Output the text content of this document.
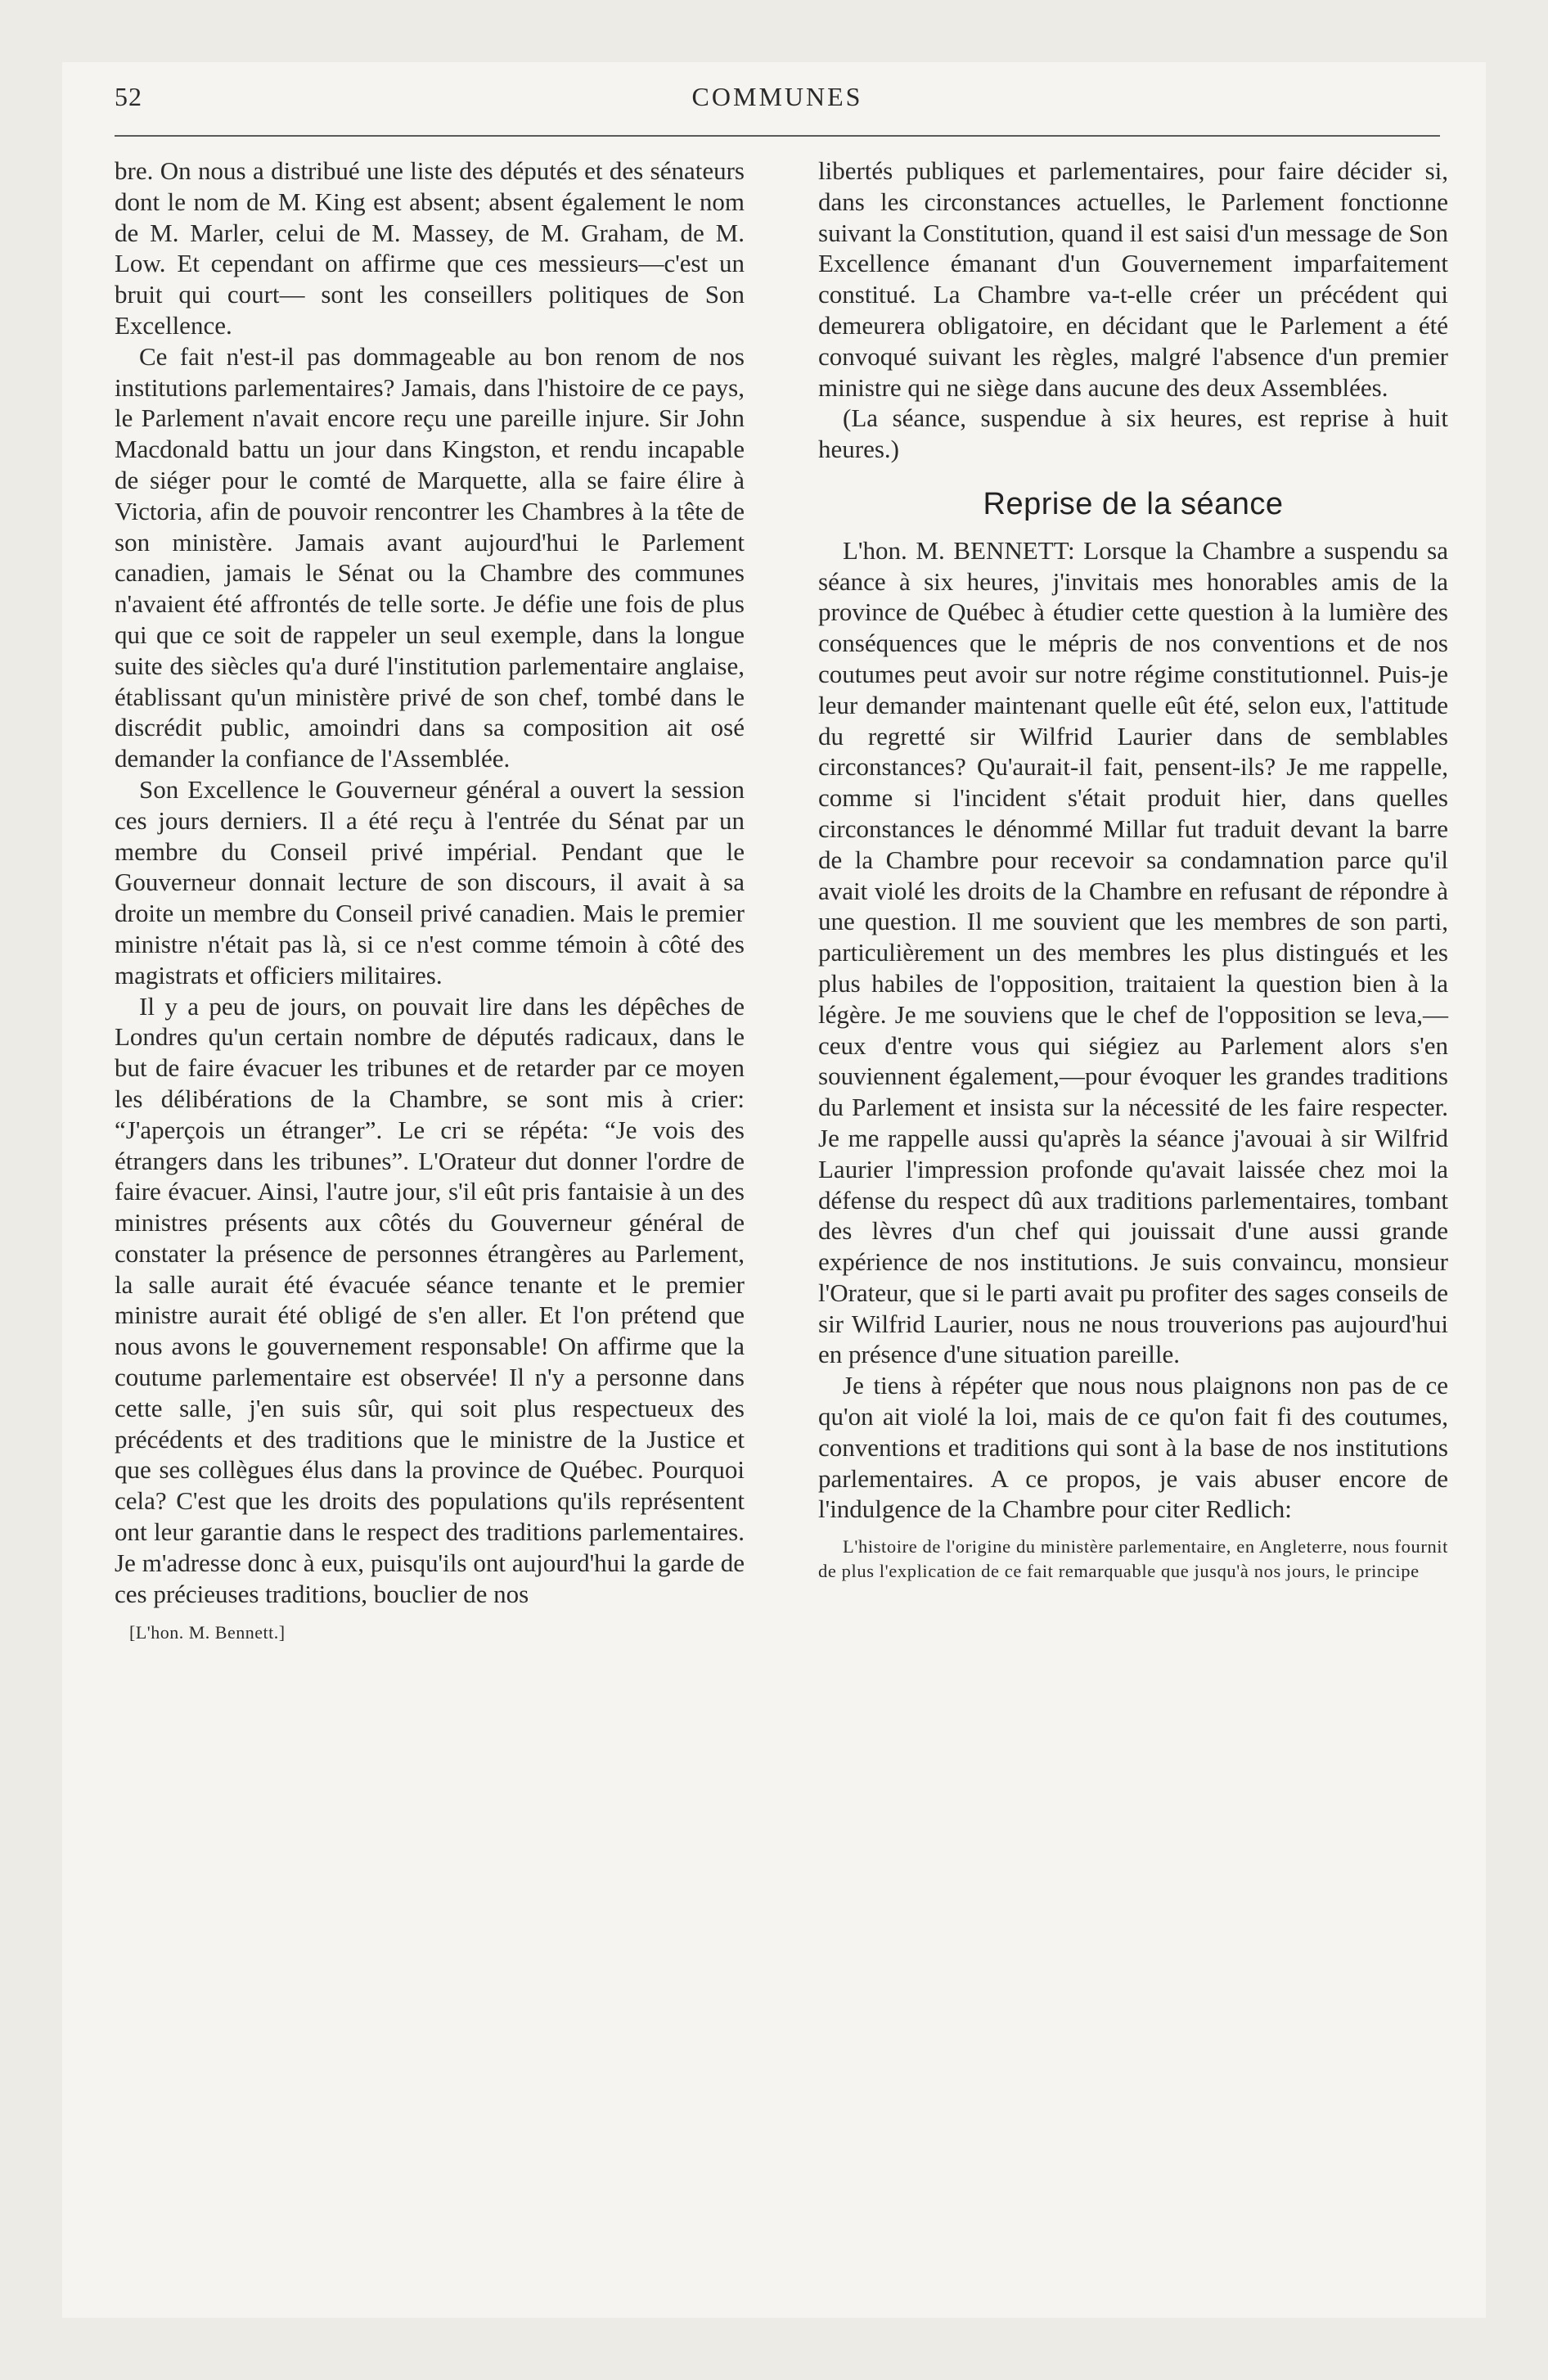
52	COMMUNES

bre. On nous a distribué une liste des députés et des sénateurs dont le nom de M. King est absent; absent également le nom de M. Marler, celui de M. Massey, de M. Graham, de M. Low. Et cependant on affirme que ces messieurs—c'est un bruit qui court— sont les conseillers politiques de Son Excellence.

Ce fait n'est-il pas dommageable au bon renom de nos institutions parlementaires? Jamais, dans l'histoire de ce pays, le Parlement n'avait encore reçu une pareille injure. Sir John Macdonald battu un jour dans Kingston, et rendu incapable de siéger pour le comté de Marquette, alla se faire élire à Victoria, afin de pouvoir rencontrer les Chambres à la tête de son ministère. Jamais avant aujourd'hui le Parlement canadien, jamais le Sénat ou la Chambre des communes n'avaient été affrontés de telle sorte. Je défie une fois de plus qui que ce soit de rappeler un seul exemple, dans la longue suite des siècles qu'a duré l'institution parlementaire anglaise, établissant qu'un ministère privé de son chef, tombé dans le discrédit public, amoindri dans sa composition ait osé demander la confiance de l'Assemblée.

Son Excellence le Gouverneur général a ouvert la session ces jours derniers. Il a été reçu à l'entrée du Sénat par un membre du Conseil privé impérial. Pendant que le Gouverneur donnait lecture de son discours, il avait à sa droite un membre du Conseil privé canadien. Mais le premier ministre n'était pas là, si ce n'est comme témoin à côté des magistrats et officiers militaires.

Il y a peu de jours, on pouvait lire dans les dépêches de Londres qu'un certain nombre de députés radicaux, dans le but de faire évacuer les tribunes et de retarder par ce moyen les délibérations de la Chambre, se sont mis à crier: “J'aperçois un étranger”. Le cri se répéta: “Je vois des étrangers dans les tribunes”. L'Orateur dut donner l'ordre de faire évacuer. Ainsi, l'autre jour, s'il eût pris fantaisie à un des ministres présents aux côtés du Gouverneur général de constater la présence de personnes étrangères au Parlement, la salle aurait été évacuée séance tenante et le premier ministre aurait été obligé de s'en aller. Et l'on prétend que nous avons le gouvernement responsable! On affirme que la coutume parlementaire est observée! Il n'y a personne dans cette salle, j'en suis sûr, qui soit plus respectueux des précédents et des traditions que le ministre de la Justice et que ses collègues élus dans la province de Québec. Pourquoi cela? C'est que les droits des populations qu'ils représentent ont leur garantie dans le respect des traditions parlementaires. Je m'adresse donc à eux, puisqu'ils ont aujourd'hui la garde de ces précieuses traditions, bouclier de nos

[L'hon. M. Bennett.]

libertés publiques et parlementaires, pour faire décider si, dans les circonstances actuelles, le Parlement fonctionne suivant la Constitution, quand il est saisi d'un message de Son Excellence émanant d'un Gouvernement imparfaitement constitué. La Chambre va-t-elle créer un précédent qui demeurera obligatoire, en décidant que le Parlement a été convoqué suivant les règles, malgré l'absence d'un premier ministre qui ne siège dans aucune des deux Assemblées.

(La séance, suspendue à six heures, est reprise à huit heures.)

Reprise de la séance

L'hon. M. BENNETT: Lorsque la Chambre a suspendu sa séance à six heures, j'invitais mes honorables amis de la province de Québec à étudier cette question à la lumière des conséquences que le mépris de nos conventions et de nos coutumes peut avoir sur notre régime constitutionnel. Puis-je leur demander maintenant quelle eût été, selon eux, l'attitude du regretté sir Wilfrid Laurier dans de semblables circonstances? Qu'aurait-il fait, pensent-ils? Je me rappelle, comme si l'incident s'était produit hier, dans quelles circonstances le dénommé Millar fut traduit devant la barre de la Chambre pour recevoir sa condamnation parce qu'il avait violé les droits de la Chambre en refusant de répondre à une question. Il me souvient que les membres de son parti, particulièrement un des membres les plus distingués et les plus habiles de l'opposition, traitaient la question bien à la légère. Je me souviens que le chef de l'opposition se leva,—ceux d'entre vous qui siégiez au Parlement alors s'en souviennent également,—pour évoquer les grandes traditions du Parlement et insista sur la nécessité de les faire respecter. Je me rappelle aussi qu'après la séance j'avouai à sir Wilfrid Laurier l'impression profonde qu'avait laissée chez moi la défense du respect dû aux traditions parlementaires, tombant des lèvres d'un chef qui jouissait d'une aussi grande expérience de nos institutions. Je suis convaincu, monsieur l'Orateur, que si le parti avait pu profiter des sages conseils de sir Wilfrid Laurier, nous ne nous trouverions pas aujourd'hui en présence d'une situation pareille.

Je tiens à répéter que nous nous plaignons non pas de ce qu'on ait violé la loi, mais de ce qu'on fait fi des coutumes, conventions et traditions qui sont à la base de nos institutions parlementaires. A ce propos, je vais abuser encore de l'indulgence de la Chambre pour citer Redlich:

L'histoire de l'origine du ministère parlementaire, en Angleterre, nous fournit de plus l'explication de ce fait remarquable que jusqu'à nos jours, le principe
